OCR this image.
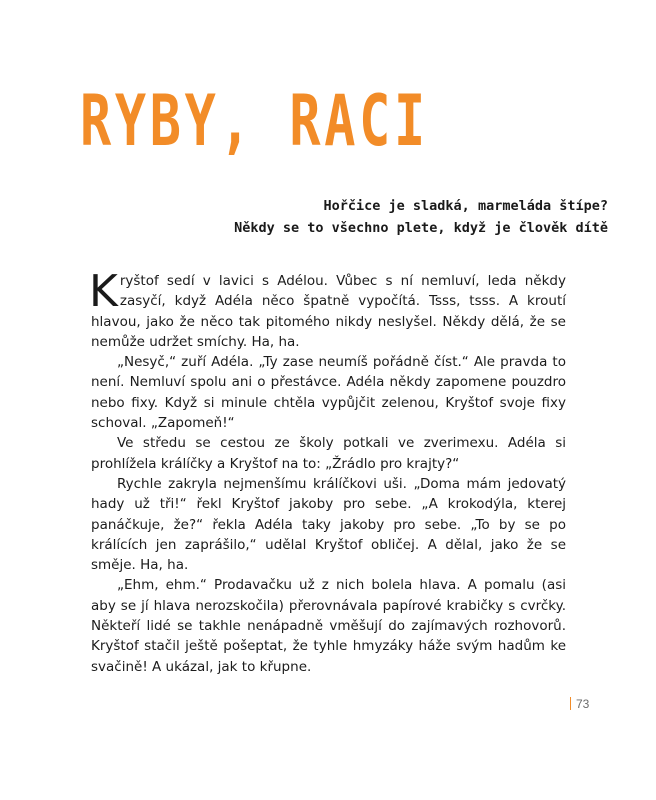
RYBY, RACI
Hořčice je sladká, marmeláda štípe?
Někdy se to všechno plete, když je člověk dítě

Kryštof sedí v lavici s Adélou. Vůbec s ní nemluví, leda někdy zasyčí, když Adéla něco špatně vypočítá. Tsss, tsss. A kroutí hlavou, jako že něco tak pitomého nikdy neslyšel. Někdy dělá, že se nemůže udržet smíchy. Ha, ha.

„Nesyč,“ zuří Adéla. „Ty zase neumíš pořádně číst.“ Ale pravda to není. Nemluví spolu ani o přestávce. Adéla někdy zapomene pouzdro nebo fixy. Když si minule chtěla vypůjčit zelenou, Kryštof svoje fixy schoval. „Zapomeň!“

Ve středu se cestou ze školy potkali ve zverimexu. Adéla si prohlížela králíčky a Kryštof na to: „Žrádlo pro krajty?“

Rychle zakryla nejmenšímu králíčkovi uši. „Doma mám jedovatý hady už tři!“ řekl Kryštof jakoby pro sebe. „A krokodýla, kterej panáčkuje, že?“ řekla Adéla taky jakoby pro sebe. „To by se po králících jen zaprášilo,“ udělal Kryštof obličej. A dělal, jako že se směje. Ha, ha.

„Ehm, ehm.“ Prodavačku už z nich bolela hlava. A pomalu (asi aby se jí hlava nerozskočila) přerovnávala papírové krabičky s cvrčky. Někteří lidé se takhle nenápadně vměšují do zajímavých rozhovorů. Kryštof stačil ještě pošeptat, že tyhle hmyzáky háže svým hadům ke svačině! A ukázal, jak to křupne.

73
